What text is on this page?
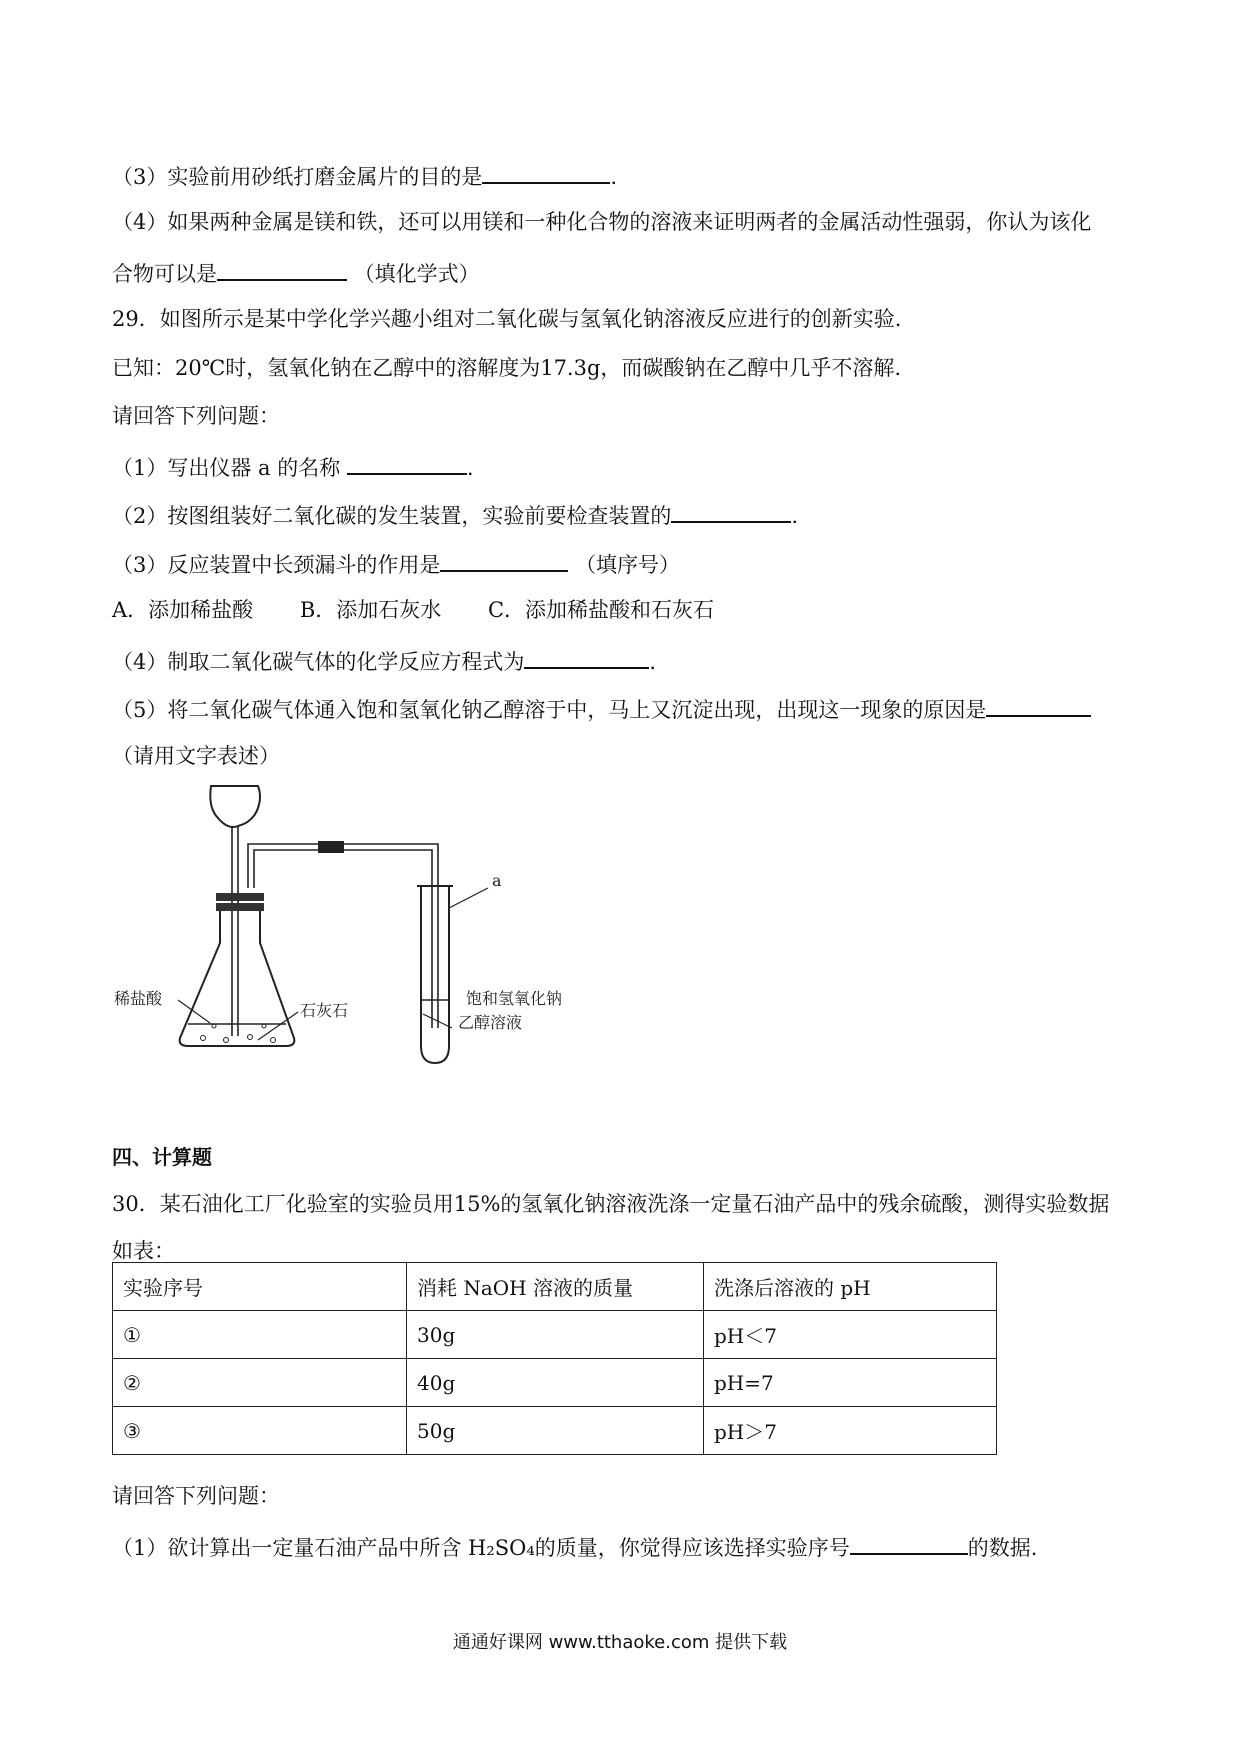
（3）实验前用砂纸打磨金属片的目的是	.
（4）如果两种金属是镁和铁，还可以用镁和一种化合物的溶液来证明两者的金属活动性强弱，你认为该化
合物可以是	（填化学式）
29．如图所示是某中学化学兴趣小组对二氧化碳与氢氧化钠溶液反应进行的创新实验.
已知：20℃时，氢氧化钠在乙醇中的溶解度为17.3g，而碳酸钠在乙醇中几乎不溶解.
请回答下列问题：
（1）写出仪器 a 的名称	.
（2）按图组装好二氧化碳的发生装置，实验前要检查装置的	.
（3）反应装置中长颈漏斗的作用是	（填序号）
A．添加稀盐酸 B．添加石灰水 C．添加稀盐酸和石灰石
（4）制取二氧化碳气体的化学反应方程式为	.
（5）将二氧化碳气体通入饱和氢氧化钠乙醇溶于中，马上又沉淀出现，出现这一现象的原因是
（请用文字表述）
a
稀盐酸
石灰石
饱和氢氧化钠
乙醇溶液
四、计算题
30．某石油化工厂化验室的实验员用15%的氢氧化钠溶液洗涤一定量石油产品中的残余硫酸，测得实验数据
如表：
实验序号	消耗 NaOH 溶液的质量	洗涤后溶液的 pH
①	30g	pH＜7
②	40g	pH=7
③	50g	pH＞7
请回答下列问题：
（1）欲计算出一定量石油产品中所含 H₂SO₄的质量，你觉得应该选择实验序号	的数据.
通通好课网 www.tthaoke.com 提供下载
